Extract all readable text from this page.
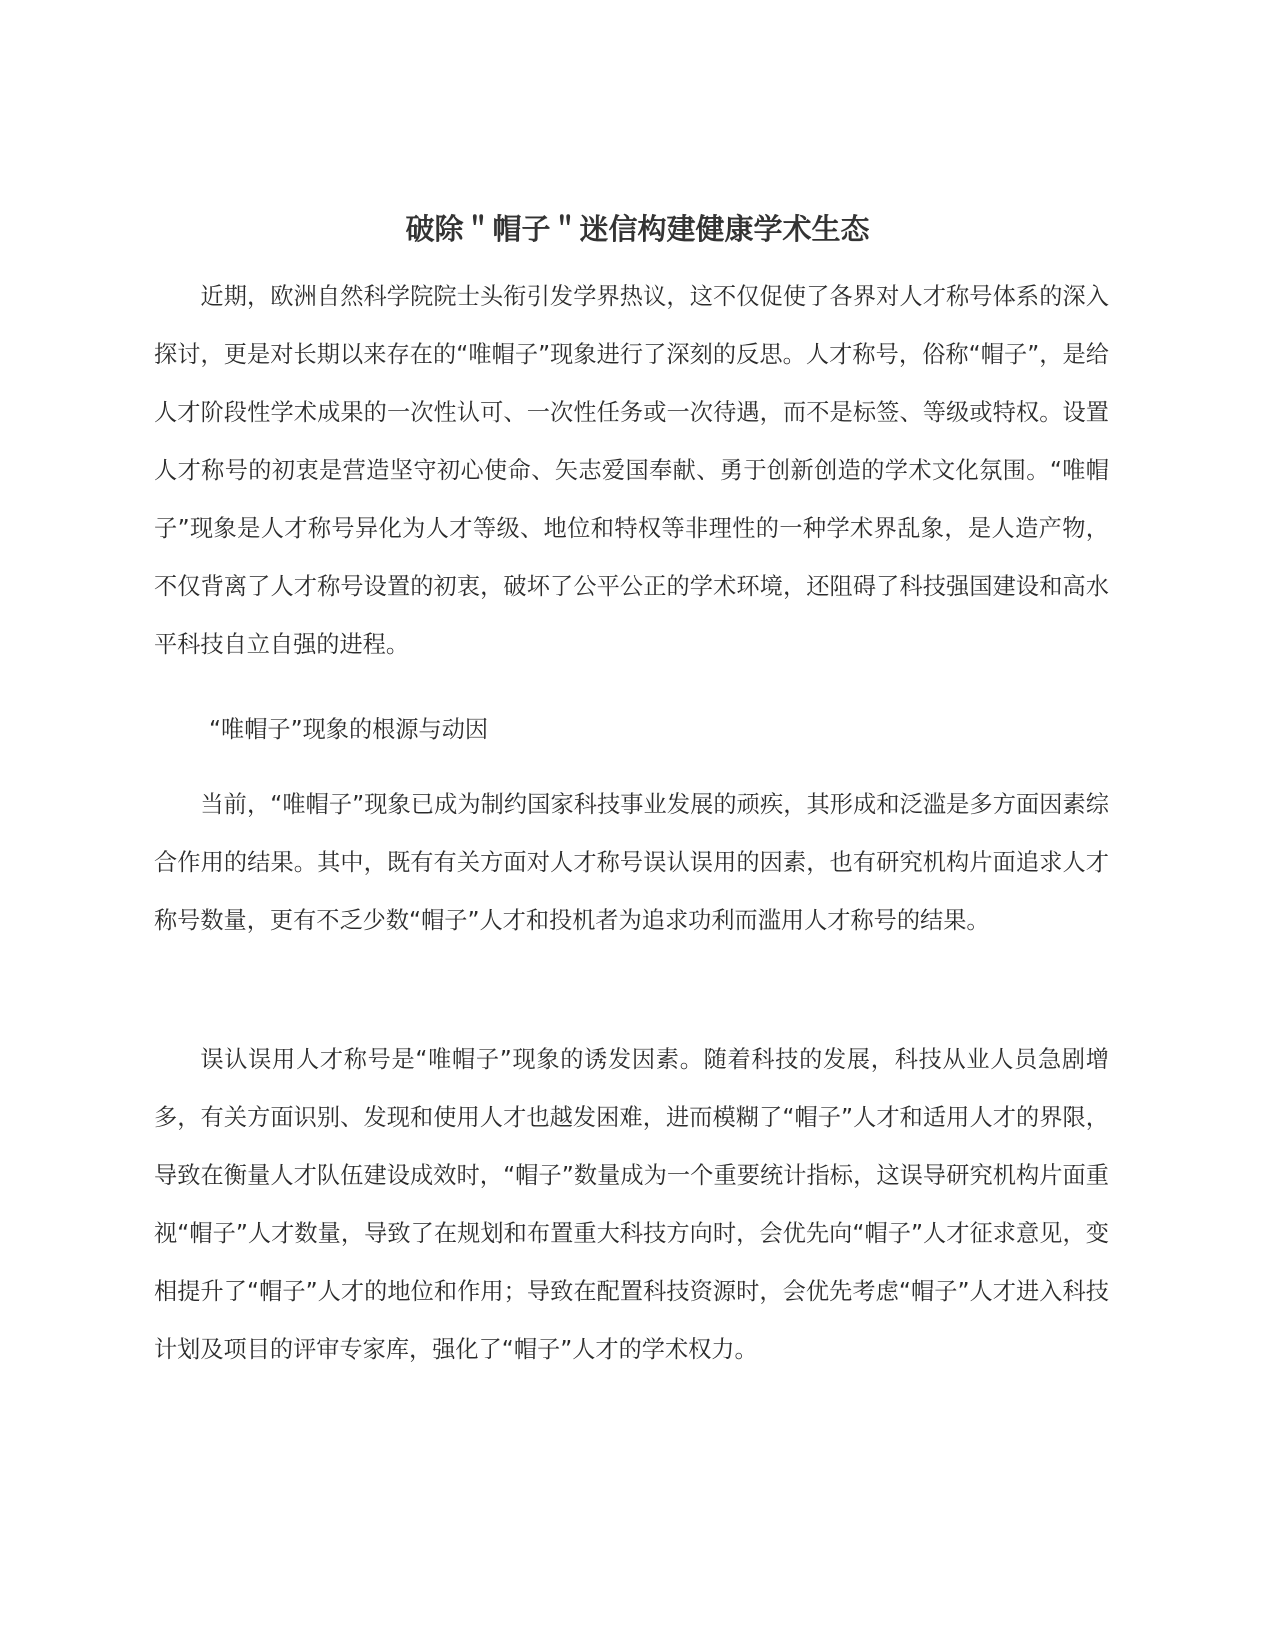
破除＂帽子＂迷信构建健康学术生态

近期，欧洲自然科学院院士头衔引发学界热议，这不仅促使了各界对人才称号体系的深入探讨，更是对长期以来存在的“唯帽子”现象进行了深刻的反思。人才称号，俗称“帽子”，是给人才阶段性学术成果的一次性认可、一次性任务或一次待遇，而不是标签、等级或特权。设置人才称号的初衷是营造坚守初心使命、矢志爱国奉献、勇于创新创造的学术文化氛围。“唯帽子”现象是人才称号异化为人才等级、地位和特权等非理性的一种学术界乱象，是人造产物，不仅背离了人才称号设置的初衷，破坏了公平公正的学术环境，还阻碍了科技强国建设和高水平科技自立自强的进程。

“唯帽子”现象的根源与动因

当前，“唯帽子”现象已成为制约国家科技事业发展的顽疾，其形成和泛滥是多方面因素综合作用的结果。其中，既有有关方面对人才称号误认误用的因素，也有研究机构片面追求人才称号数量，更有不乏少数“帽子”人才和投机者为追求功利而滥用人才称号的结果。

误认误用人才称号是“唯帽子”现象的诱发因素。随着科技的发展，科技从业人员急剧增多，有关方面识别、发现和使用人才也越发困难，进而模糊了“帽子”人才和适用人才的界限，导致在衡量人才队伍建设成效时，“帽子”数量成为一个重要统计指标，这误导研究机构片面重视“帽子”人才数量，导致了在规划和布置重大科技方向时，会优先向“帽子”人才征求意见，变相提升了“帽子”人才的地位和作用；导致在配置科技资源时，会优先考虑“帽子”人才进入科技计划及项目的评审专家库，强化了“帽子”人才的学术权力。
